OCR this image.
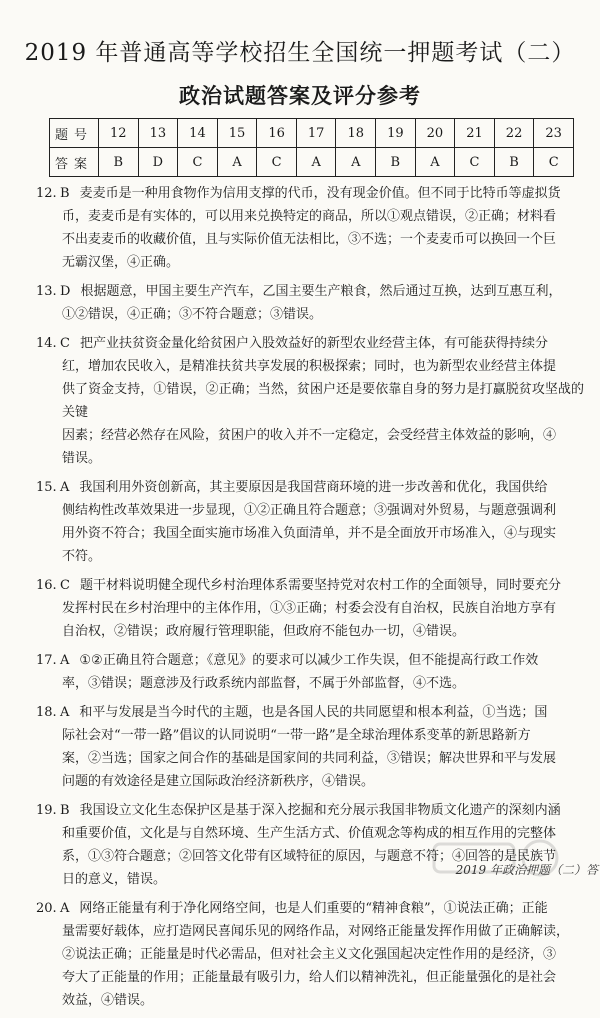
2019 年普通高等学校招生全国统一押题考试（二）
政治试题答案及评分参考
题号	12	13	14	15	16	17	18	19	20	21	22	23
答案	B	D	C	A	C	A	A	B	A	C	B	C
12. B 麦麦币是一种用食物作为信用支撑的代币，没有现金价值。但不同于比特币等虚拟货
币，麦麦币是有实体的，可以用来兑换特定的商品，所以①观点错误，②正确；材料看
不出麦麦币的收藏价值，且与实际价值无法相比，③不选；一个麦麦币可以换回一个巨
无霸汉堡，④正确。
13. D 根据题意，甲国主要生产汽车，乙国主要生产粮食，然后通过互换，达到互惠互利，
①②错误，④正确；③不符合题意；③错误。
14. C 把产业扶贫资金量化给贫困户入股效益好的新型农业经营主体，有可能获得持续分
红，增加农民收入，是精准扶贫共享发展的积极探索；同时，也为新型农业经营主体提
供了资金支持，①错误，②正确；当然，贫困户还是要依靠自身的努力是打赢脱贫攻坚战的关键
因素；经营必然存在风险，贫困户的收入并不一定稳定，会受经营主体效益的影响，④
错误。
15. A 我国利用外资创新高，其主要原因是我国营商环境的进一步改善和优化，我国供给
侧结构性改革效果进一步显现，①②正确且符合题意；③强调对外贸易，与题意强调利
用外资不符合；我国全面实施市场准入负面清单，并不是全面放开市场准入，④与现实
不符。
16. C 题干材料说明健全现代乡村治理体系需要坚持党对农村工作的全面领导，同时要充分
发挥村民在乡村治理中的主体作用，①③正确；村委会没有自治权，民族自治地方享有
自治权，②错误；政府履行管理职能，但政府不能包办一切，④错误。
17. A ①②正确且符合题意；《意见》的要求可以减少工作失误，但不能提高行政工作效
率，③错误；题意涉及行政系统内部监督，不属于外部监督，④不选。
18. A 和平与发展是当今时代的主题，也是各国人民的共同愿望和根本利益，①当选；国
际社会对“一带一路”倡议的认同说明“一带一路”是全球治理体系变革的新思路新方
案，②当选；国家之间合作的基础是国家间的共同利益，③错误；解决世界和平与发展
问题的有效途径是建立国际政治经济新秩序，④错误。
19. B 我国设立文化生态保护区是基于深入挖掘和充分展示我国非物质文化遗产的深刻内涵
和重要价值，文化是与自然环境、生产生活方式、价值观念等构成的相互作用的完整体
系，①③符合题意；②回答文化带有区域特征的原因，与题意不符；④回答的是民族节
日的意义，错误。
20. A 网络正能量有利于净化网络空间，也是人们重要的“精神食粮”，①说法正确；正能
量需要好载体，应打造网民喜闻乐见的网络作品，对网络正能量发挥作用做了正确解读，
②说法正确；正能量是时代必需品，但对社会主义文化强国起决定性作用的是经济，③
夸大了正能量的作用；正能量最有吸引力，给人们以精神洗礼，但正能量强化的是社会
效益，④错误。
2019 年政治押题（二）答
